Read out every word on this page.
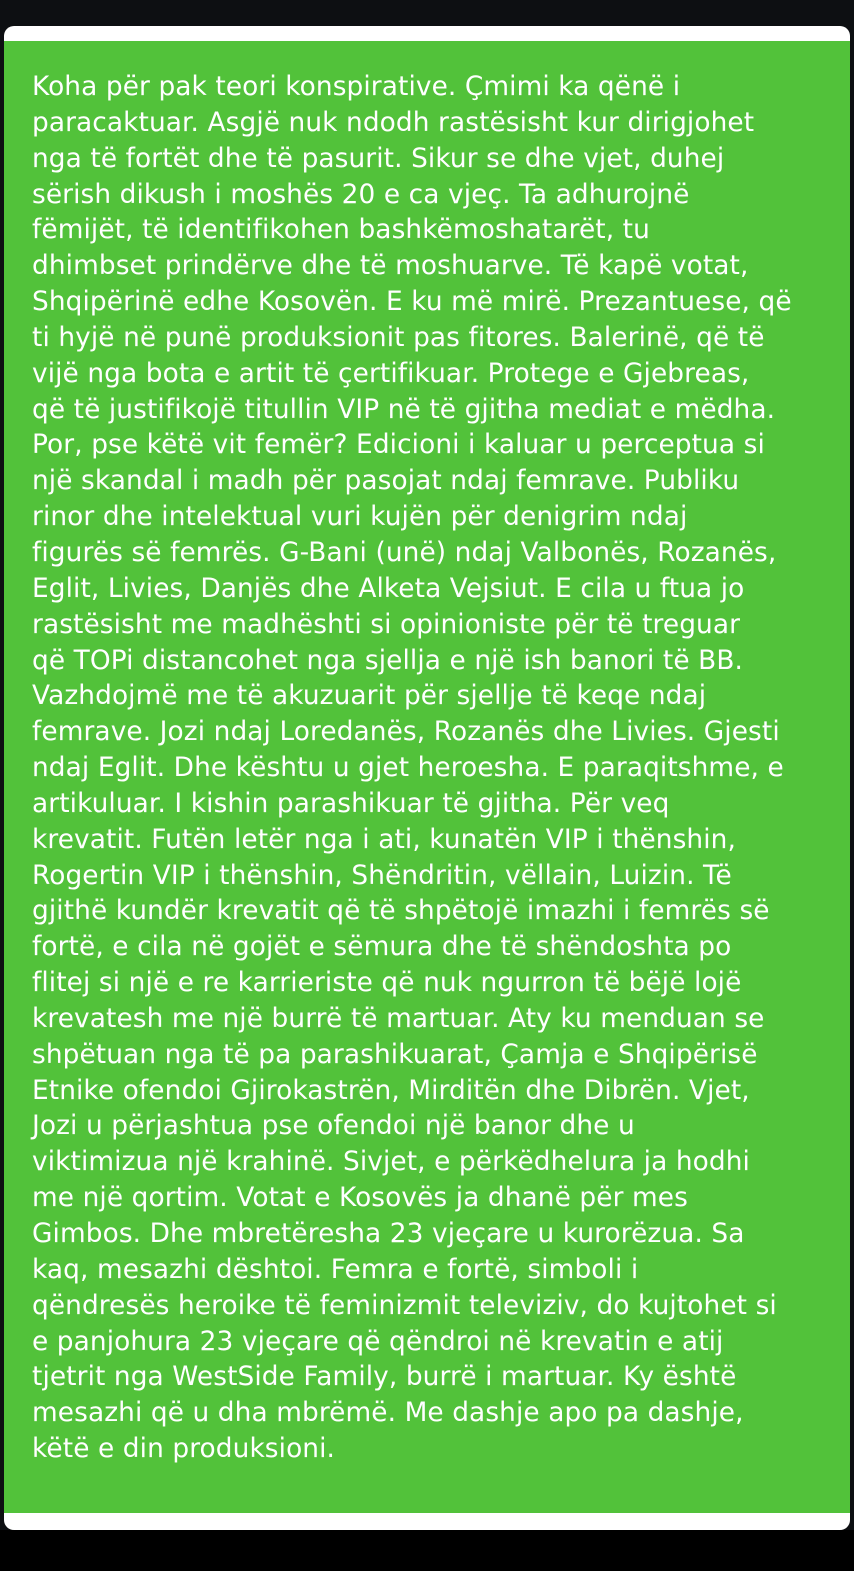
Koha për pak teori konspirative. Çmimi ka qënë i
paracaktuar. Asgjë nuk ndodh rastësisht kur dirigjohet
nga të fortët dhe të pasurit. Sikur se dhe vjet, duhej
sërish dikush i moshës 20 e ca vjeç. Ta adhurojnë
fëmijët, të identifikohen bashkëmoshatarët, tu
dhimbset prindërve dhe të moshuarve. Të kapë votat,
Shqipërinë edhe Kosovën. E ku më mirë. Prezantuese, që
ti hyjë në punë produksionit pas fitores. Balerinë, që të
vijë nga bota e artit të çertifikuar. Protege e Gjebreas,
që të justifikojë titullin VIP në të gjitha mediat e mëdha.
Por, pse këtë vit femër? Edicioni i kaluar u perceptua si
një skandal i madh për pasojat ndaj femrave. Publiku
rinor dhe intelektual vuri kujën për denigrim ndaj
figurës së femrës. G-Bani (unë) ndaj Valbonës, Rozanës,
Eglit, Livies, Danjës dhe Alketa Vejsiut. E cila u ftua jo
rastësisht me madhështi si opinioniste për të treguar
që TOPi distancohet nga sjellja e një ish banori të BB.
Vazhdojmë me të akuzuarit për sjellje të keqe ndaj
femrave. Jozi ndaj Loredanës, Rozanës dhe Livies. Gjesti
ndaj Eglit. Dhe kështu u gjet heroesha. E paraqitshme, e
artikuluar. I kishin parashikuar të gjitha. Për veq
krevatit. Futën letër nga i ati, kunatën VIP i thënshin,
Rogertin VIP i thënshin, Shëndritin, vëllain, Luizin. Të
gjithë kundër krevatit që të shpëtojë imazhi i femrës së
fortë, e cila në gojët e sëmura dhe të shëndoshta po
flitej si një e re karrieriste që nuk ngurron të bëjë lojë
krevatesh me një burrë të martuar. Aty ku menduan se
shpëtuan nga të pa parashikuarat, Çamja e Shqipërisë
Etnike ofendoi Gjirokastrën, Mirditën dhe Dibrën. Vjet,
Jozi u përjashtua pse ofendoi një banor dhe u
viktimizua një krahinë. Sivjet, e përkëdhelura ja hodhi
me një qortim. Votat e Kosovës ja dhanë për mes
Gimbos. Dhe mbretëresha 23 vjeçare u kurorëzua. Sa
kaq, mesazhi dështoi. Femra e fortë, simboli i
qëndresës heroike të feminizmit televiziv, do kujtohet si
e panjohura 23 vjeçare që qëndroi në krevatin e atij
tjetrit nga WestSide Family, burrë i martuar. Ky është
mesazhi që u dha mbrëmë. Me dashje apo pa dashje,
këtë e din produksioni.
